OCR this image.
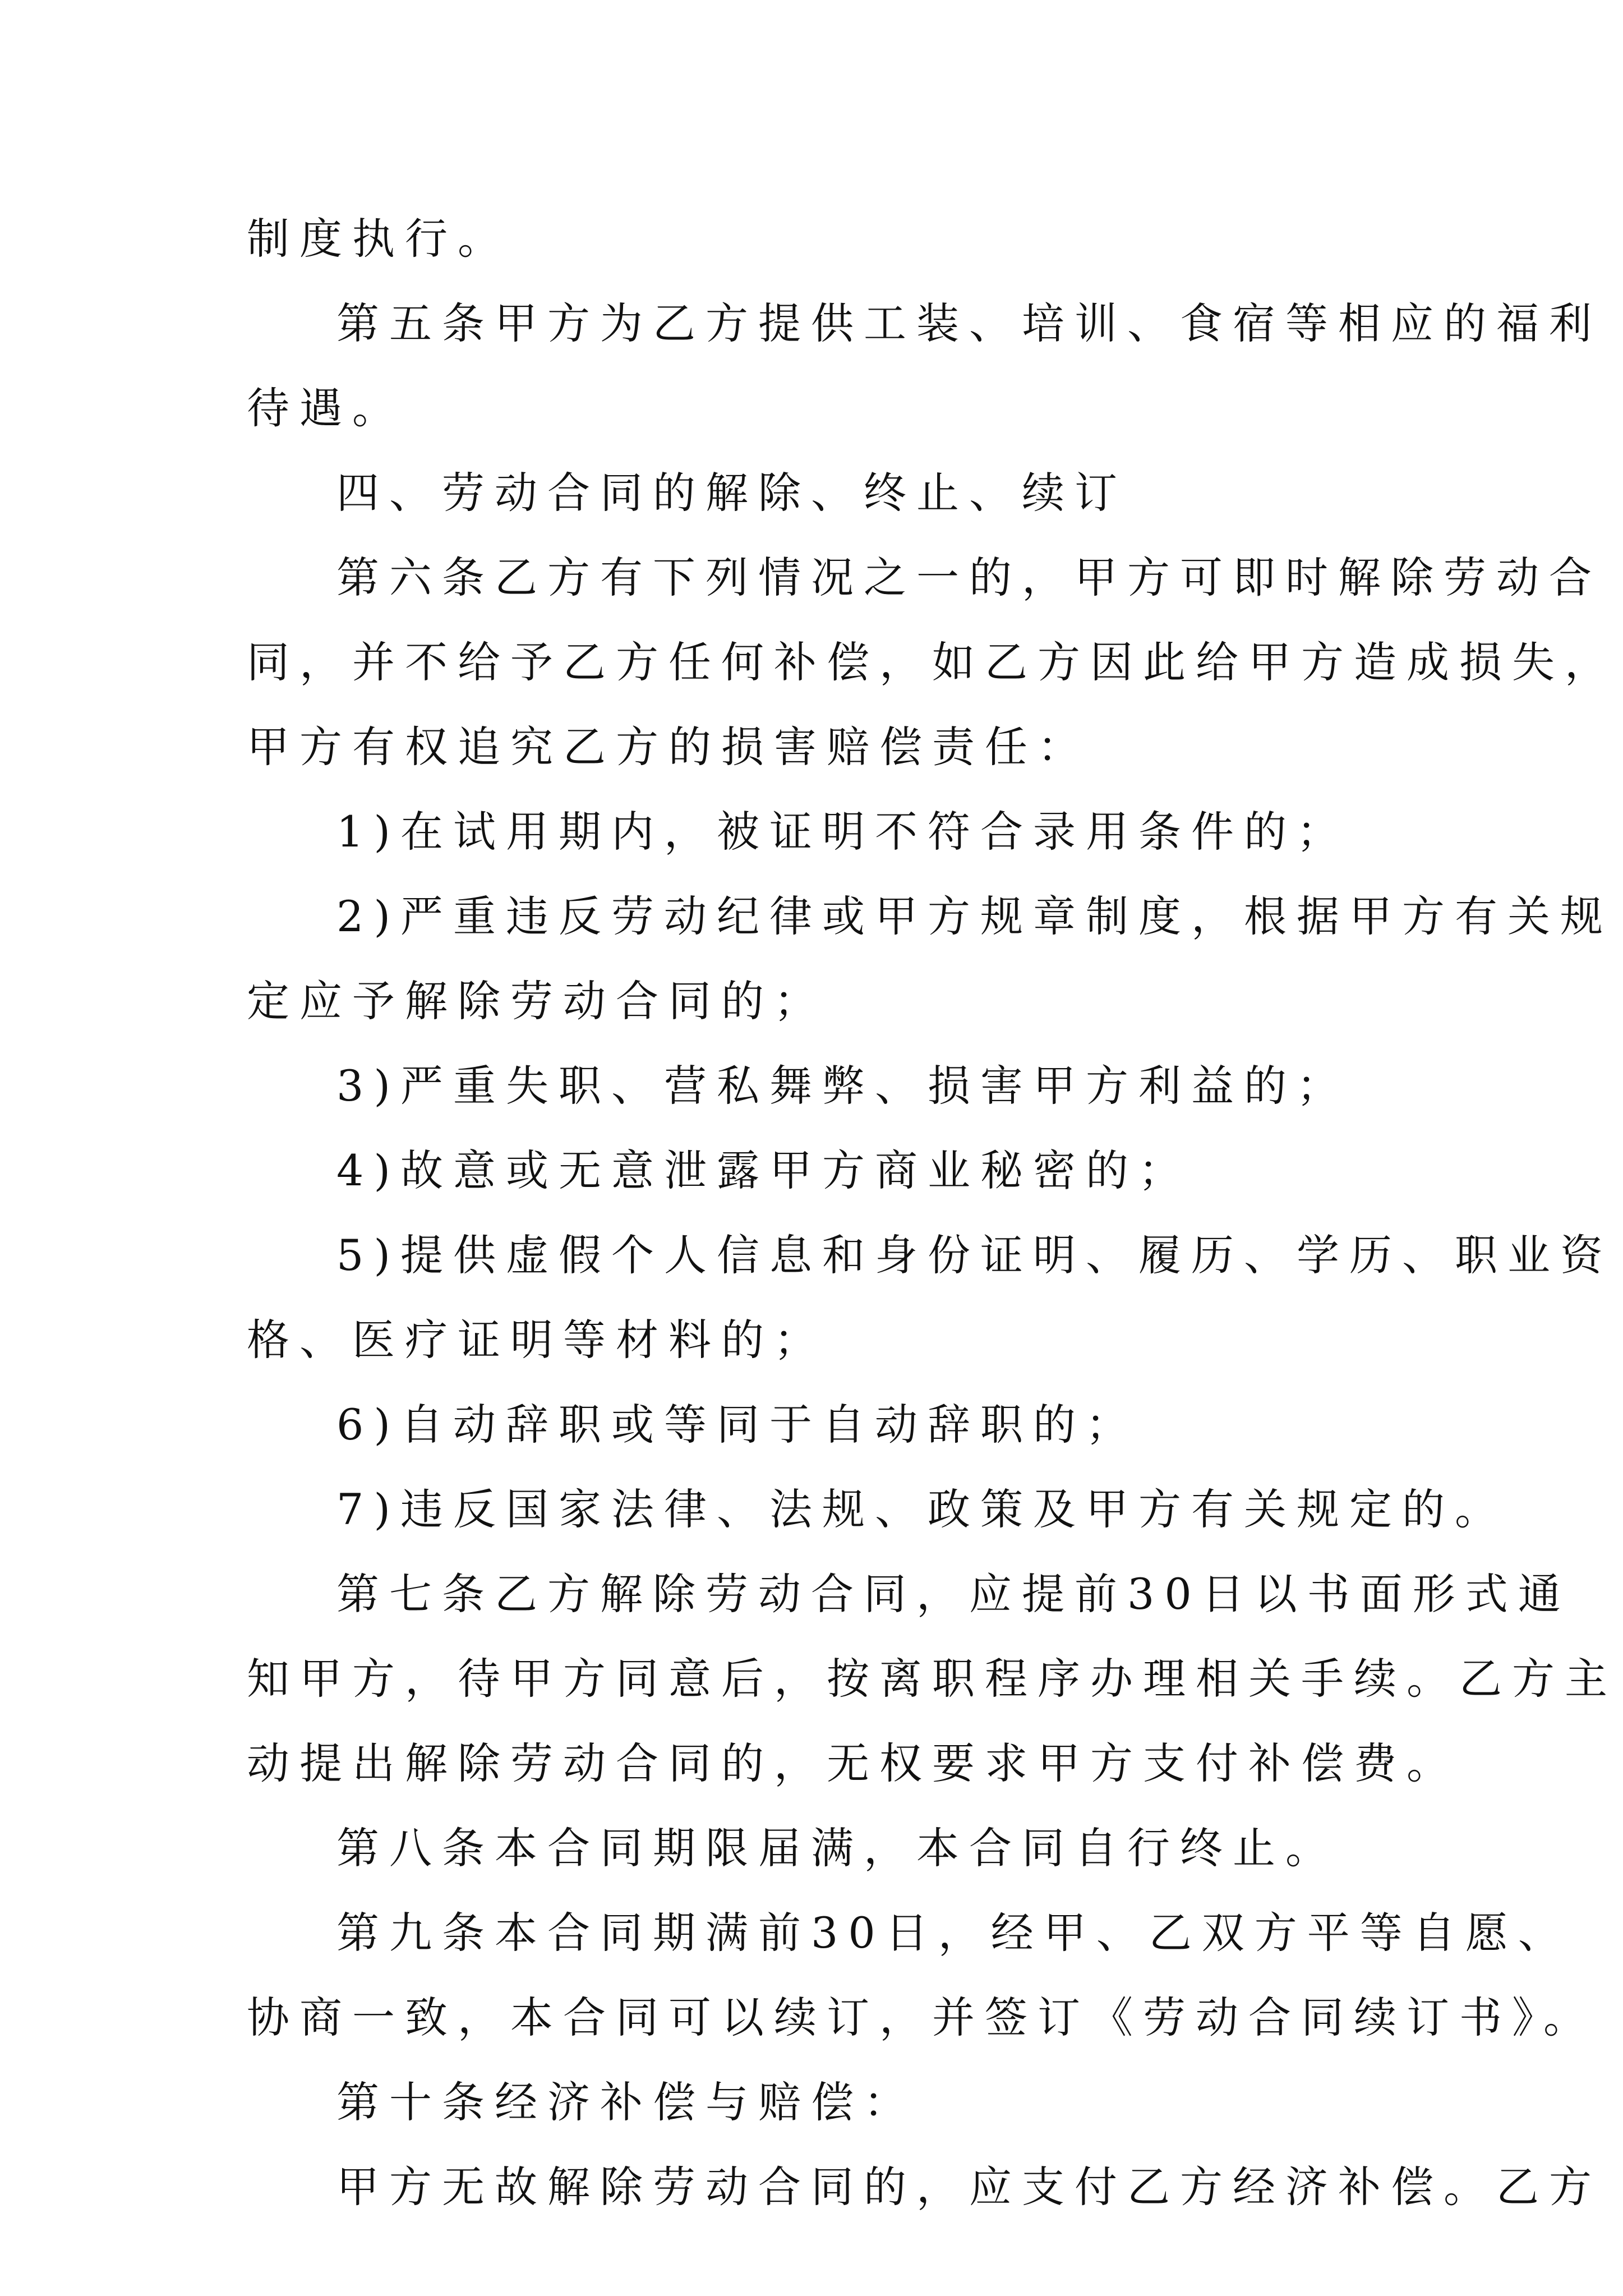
制度执行。

第五条甲方为乙方提供工装、培训、食宿等相应的福利

待遇。

四、劳动合同的解除、终止、续订

第六条乙方有下列情况之一的，甲方可即时解除劳动合

同，并不给予乙方任何补偿，如乙方因此给甲方造成损失，

甲方有权追究乙方的损害赔偿责任：

1)在试用期内，被证明不符合录用条件的；

2)严重违反劳动纪律或甲方规章制度，根据甲方有关规

定应予解除劳动合同的；

3)严重失职、营私舞弊、损害甲方利益的；

4)故意或无意泄露甲方商业秘密的；

5)提供虚假个人信息和身份证明、履历、学历、职业资

格、医疗证明等材料的；

6)自动辞职或等同于自动辞职的；

7)违反国家法律、法规、政策及甲方有关规定的。

第七条乙方解除劳动合同，应提前30日以书面形式通

知甲方，待甲方同意后，按离职程序办理相关手续。乙方主

动提出解除劳动合同的，无权要求甲方支付补偿费。

第八条本合同期限届满，本合同自行终止。

第九条本合同期满前30日，经甲、乙双方平等自愿、

协商一致，本合同可以续订，并签订《劳动合同续订书》。

第十条经济补偿与赔偿：

甲方无故解除劳动合同的，应支付乙方经济补偿。乙方
